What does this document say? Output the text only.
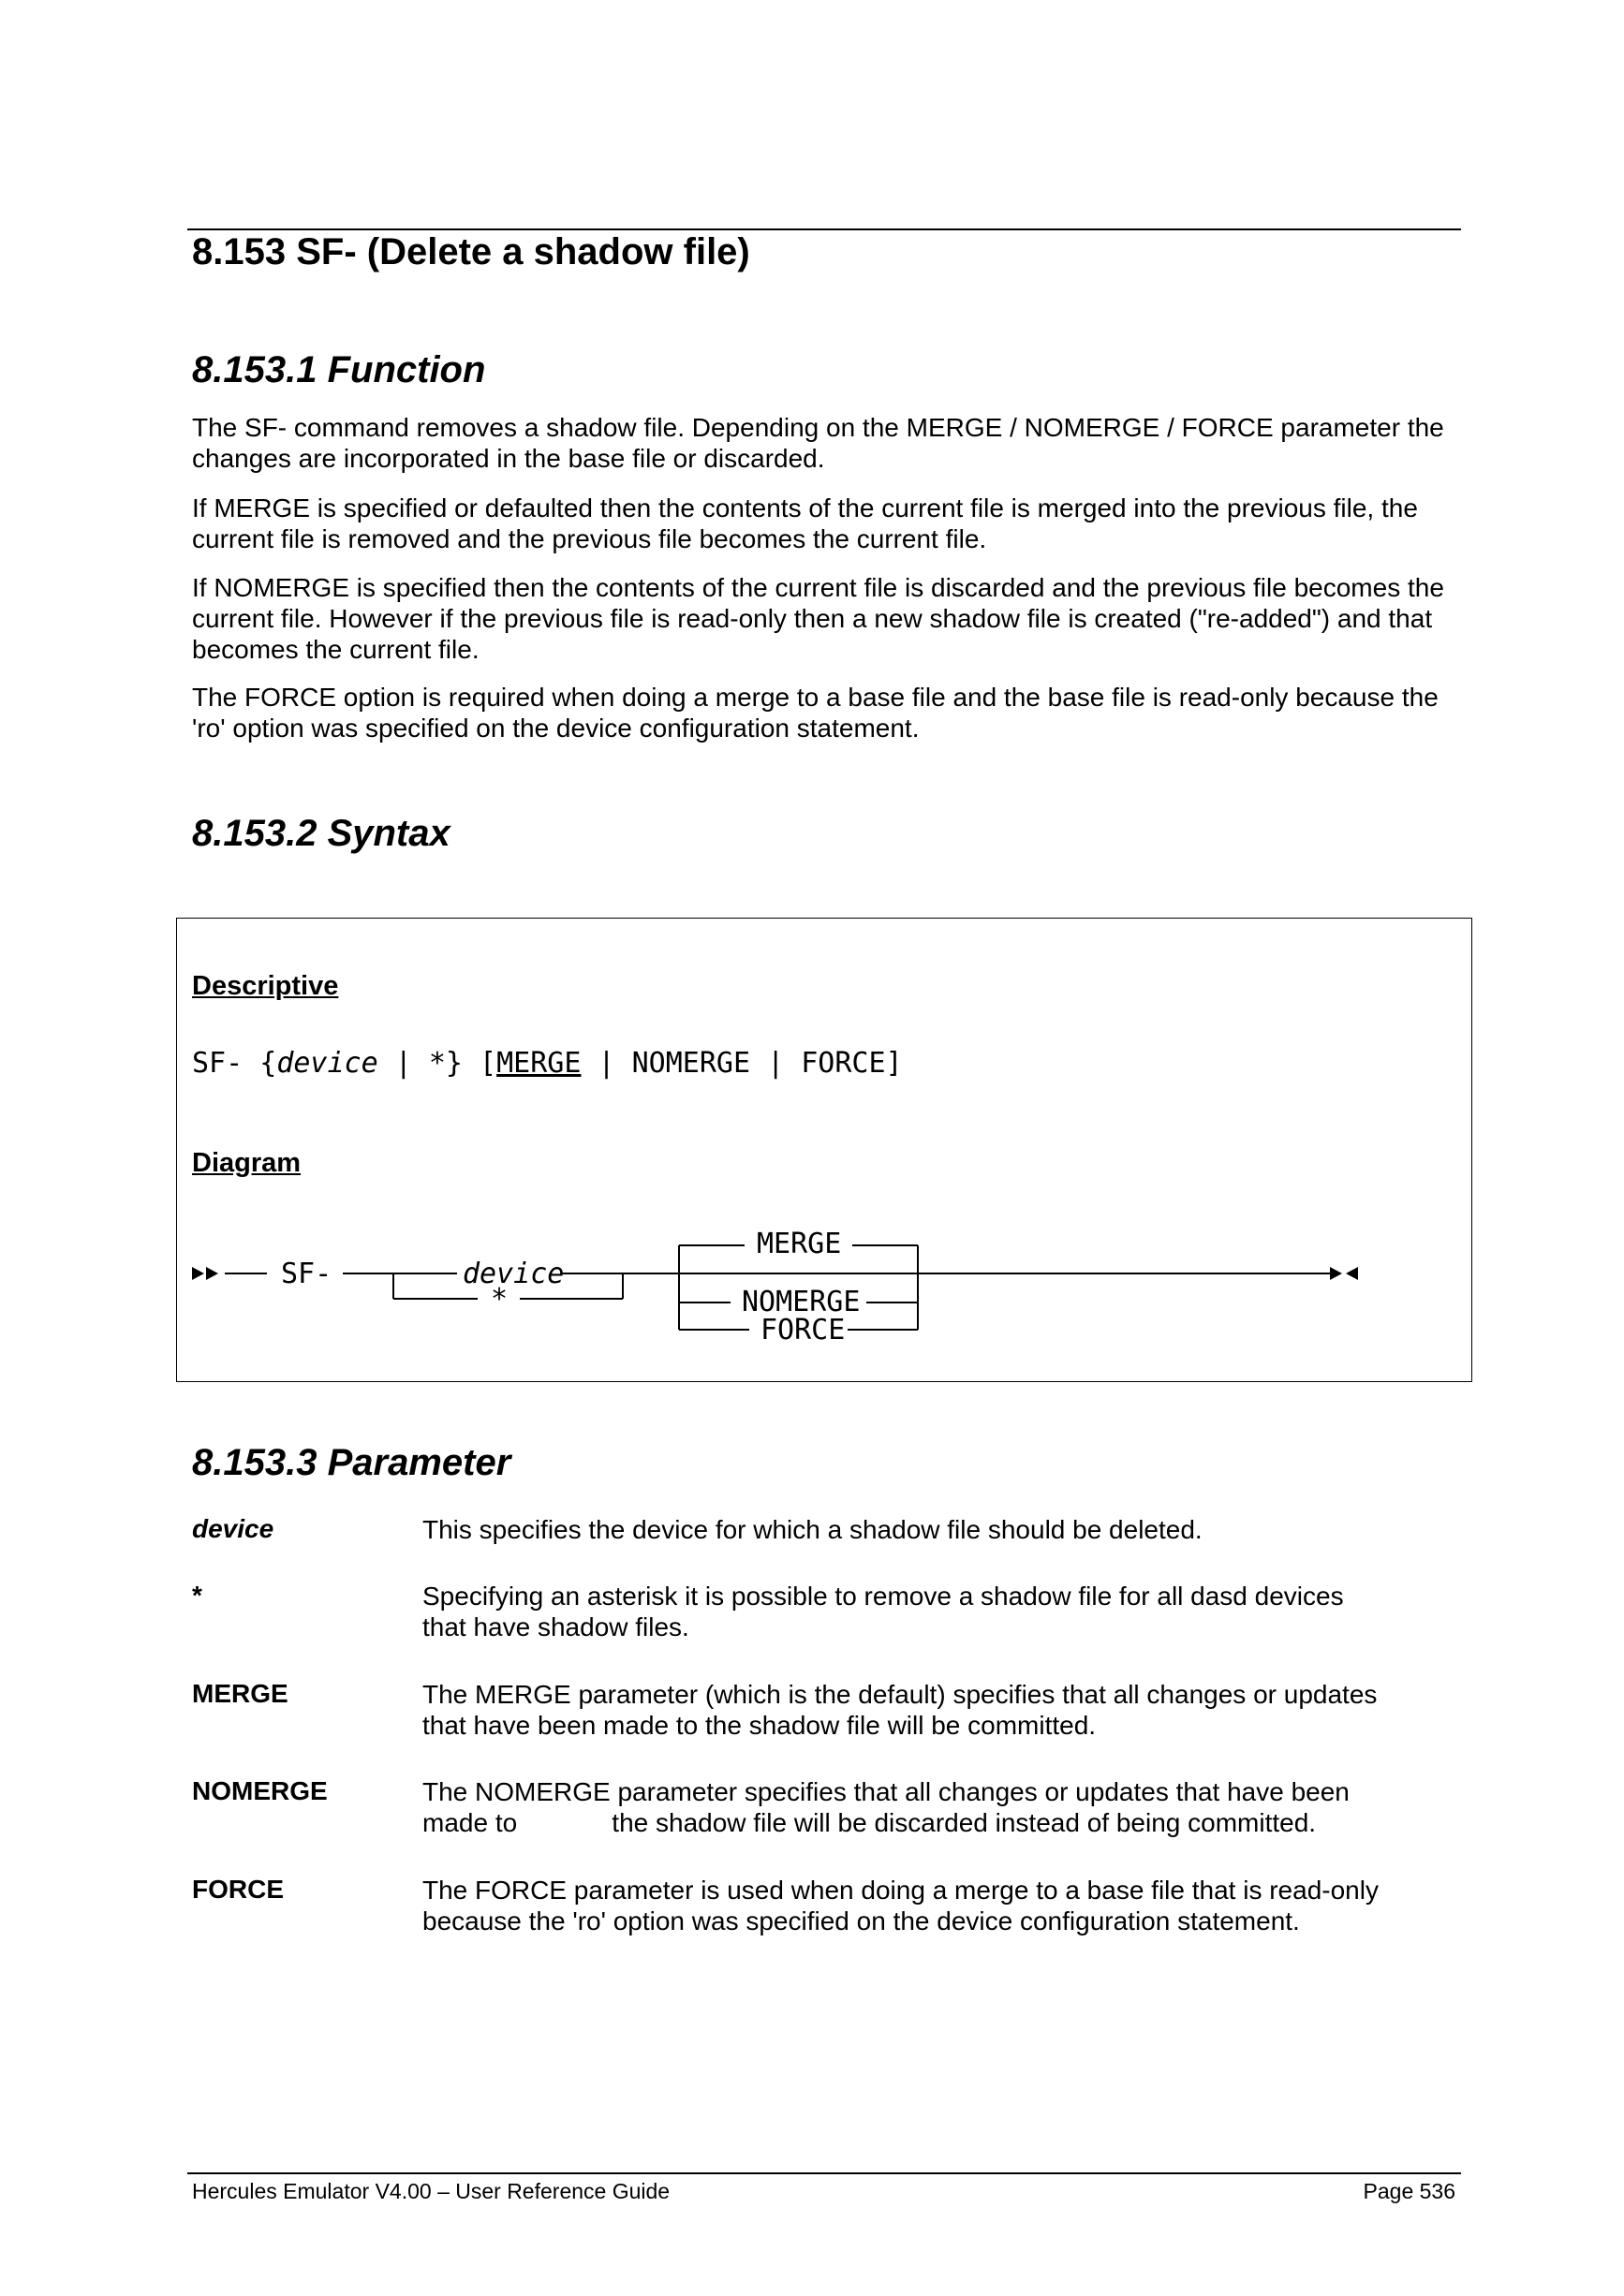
8.153 SF- (Delete a shadow file)
8.153.1 Function

The SF- command removes a shadow file. Depending on the MERGE / NOMERGE / FORCE parameter the changes are incorporated in the base file or discarded.

If MERGE is specified or defaulted then the contents of the current file is merged into the previous file, the current file is removed and the previous file becomes the current file.

If NOMERGE is specified then the contents of the current file is discarded and the previous file becomes the current file. However if the previous file is read-only then a new shadow file is created ("re-added") and that becomes the current file.

The FORCE option is required when doing a merge to a base file and the base file is read-only because the 'ro' option was specified on the device configuration statement.

8.153.2 Syntax
Descriptive
SF- {device | *} [MERGE | NOMERGE | FORCE]
Diagram
SF-	device
*
MERGE
NOMERGE
FORCE
8.153.3 Parameter
device	This specifies the device for which a shadow file should be deleted.

*	Specifying an asterisk it is possible to remove a shadow file for all dasd devices
that have shadow files.

MERGE	The MERGE parameter (which is the default) specifies that all changes or updates
that have been made to the shadow file will be committed.

NOMERGE	The NOMERGE parameter specifies that all changes or updates that have been
made to             the shadow file will be discarded instead of being committed.

FORCE	The FORCE parameter is used when doing a merge to a base file that is read-only
because the 'ro' option was specified on the device configuration statement.

Hercules Emulator V4.00 – User Reference Guide	Page 536
